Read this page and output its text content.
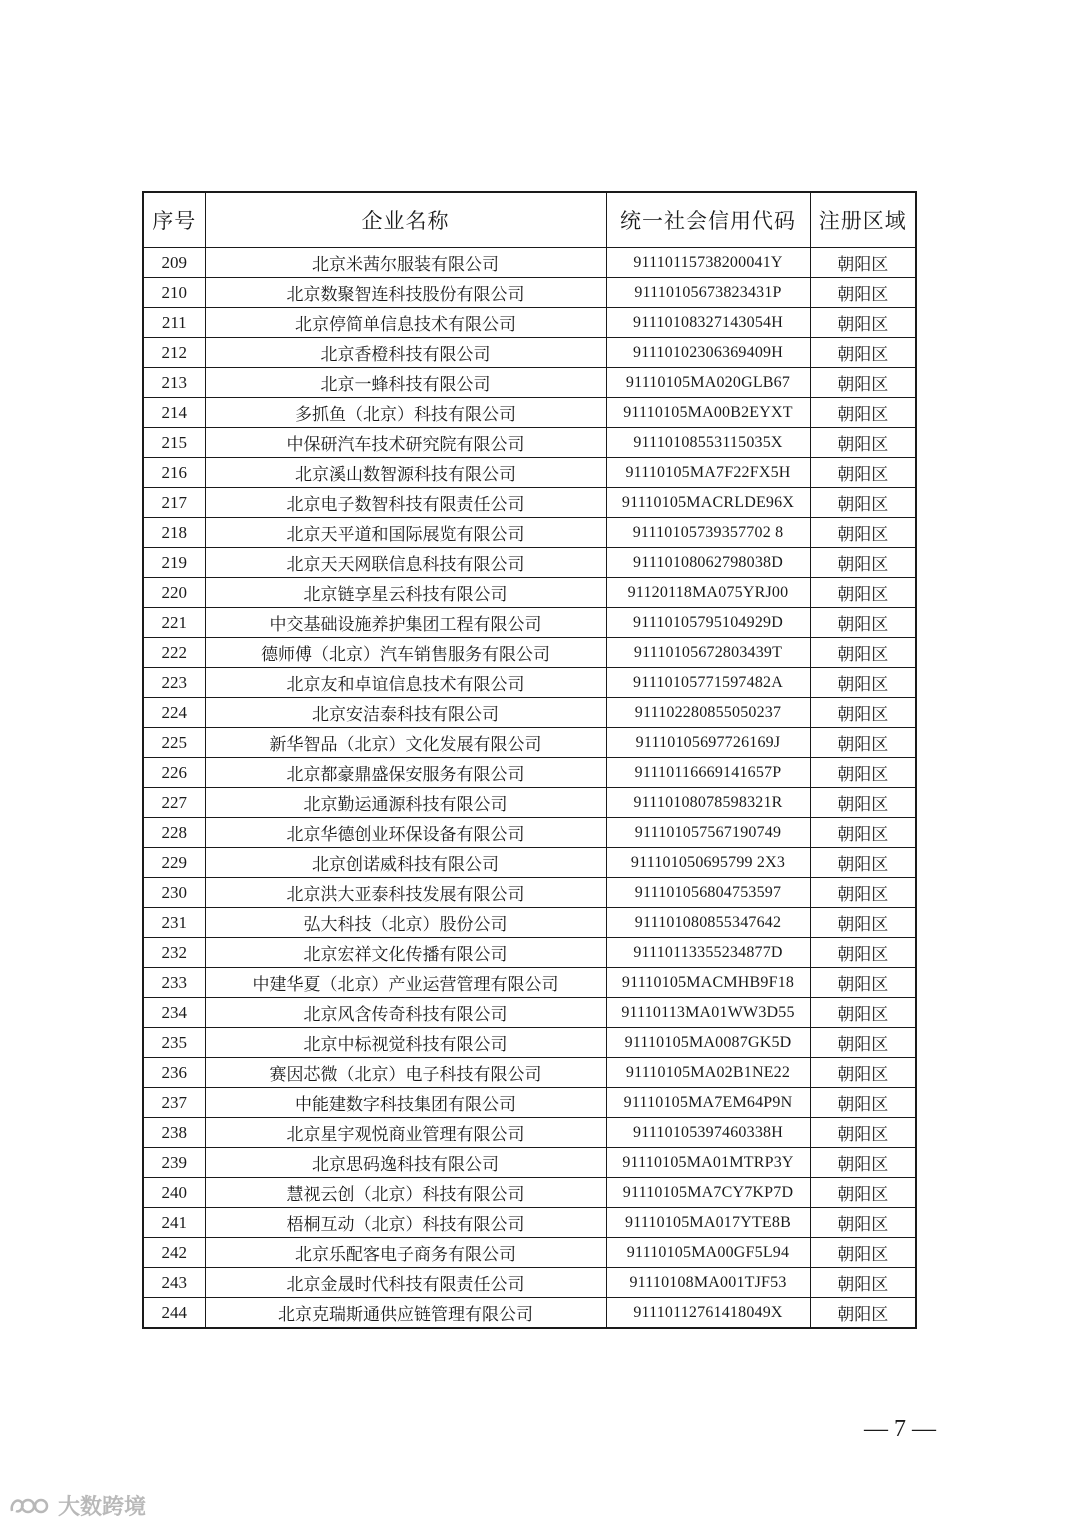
序号	企业名称	统一社会信用代码	注册区域
209	北京米茜尔服装有限公司	91110115738200041Y	朝阳区
210	北京数聚智连科技股份有限公司	91110105673823431P	朝阳区
211	北京停简单信息技术有限公司	91110108327143054H	朝阳区
212	北京香橙科技有限公司	91110102306369409H	朝阳区
213	北京一蜂科技有限公司	91110105MA020GLB67	朝阳区
214	多抓鱼（北京）科技有限公司	91110105MA00B2EYXT	朝阳区
215	中保研汽车技术研究院有限公司	91110108553115035X	朝阳区
216	北京溪山数智源科技有限公司	91110105MA7F22FX5H	朝阳区
217	北京电子数智科技有限责任公司	91110105MACRLDE96X	朝阳区
218	北京天平道和国际展览有限公司	91110105739357702 8	朝阳区
219	北京天天网联信息科技有限公司	91110108062798038D	朝阳区
220	北京链享星云科技有限公司	91120118MA075YRJ00	朝阳区
221	中交基础设施养护集团工程有限公司	91110105795104929D	朝阳区
222	德师傅（北京）汽车销售服务有限公司	91110105672803439T	朝阳区
223	北京友和卓谊信息技术有限公司	91110105771597482A	朝阳区
224	北京安洁泰科技有限公司	911102280855050237	朝阳区
225	新华智品（北京）文化发展有限公司	91110105697726169J	朝阳区
226	北京都豪鼎盛保安服务有限公司	91110116669141657P	朝阳区
227	北京勤运通源科技有限公司	91110108078598321R	朝阳区
228	北京华德创业环保设备有限公司	911101057567190749	朝阳区
229	北京创诺威科技有限公司	911101050695799 2X3	朝阳区
230	北京洪大亚泰科技发展有限公司	911101056804753597	朝阳区
231	弘大科技（北京）股份公司	911101080855347642	朝阳区
232	北京宏祥文化传播有限公司	91110113355234877D	朝阳区
233	中建华夏（北京）产业运营管理有限公司	91110105MACMHB9F18	朝阳区
234	北京风含传奇科技有限公司	91110113MA01WW3D55	朝阳区
235	北京中标视觉科技有限公司	91110105MA0087GK5D	朝阳区
236	赛因芯微（北京）电子科技有限公司	91110105MA02B1NE22	朝阳区
237	中能建数字科技集团有限公司	91110105MA7EM64P9N	朝阳区
238	北京星宇观悦商业管理有限公司	91110105397460338H	朝阳区
239	北京思码逸科技有限公司	91110105MA01MTRP3Y	朝阳区
240	慧视云创（北京）科技有限公司	91110105MA7CY7KP7D	朝阳区
241	梧桐互动（北京）科技有限公司	91110105MA017YTE8B	朝阳区
242	北京乐配客电子商务有限公司	91110105MA00GF5L94	朝阳区
243	北京金晟时代科技有限责任公司	91110108MA001TJF53	朝阳区
244	北京克瑞斯通供应链管理有限公司	91110112761418049X	朝阳区
— 7 —
大数跨境
